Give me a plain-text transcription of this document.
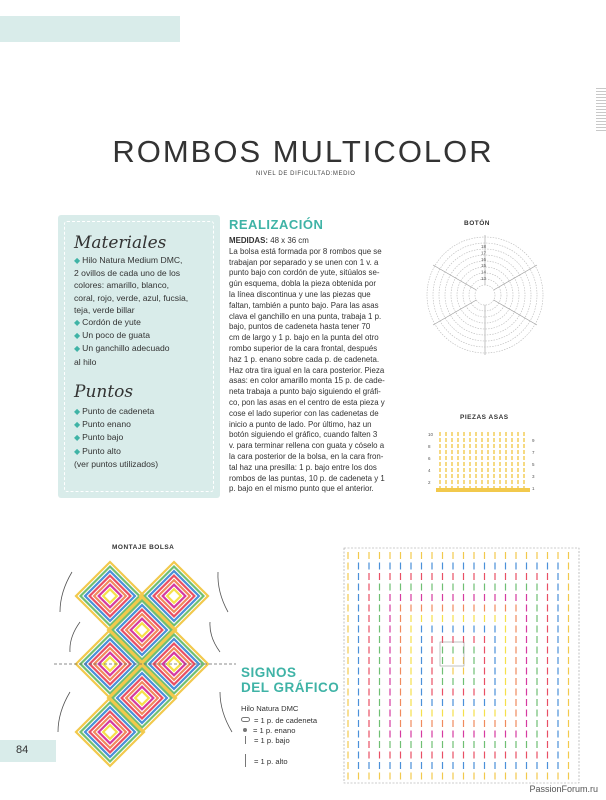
ROMBOS MULTICOLOR
NIVEL DE DIFICULTAD:MEDIO
Materiales
◆ Hilo Natura Medium DMC,
2 ovillos de cada uno de los
colores: amarillo, blanco,
coral, rojo, verde, azul, fucsia,
teja, verde billar
◆ Cordón de yute
◆ Un poco de guata
◆ Un ganchillo adecuado
al hilo
Puntos
◆ Punto de cadeneta
◆ Punto enano
◆ Punto bajo
◆ Punto alto
(ver puntos utilizados)
REALIZACIÓN

MEDIDAS: 48 x 36 cm

La bolsa está formada por 8 rombos que se

trabajan por separado y se unen con 1 v. a

punto bajo con cordón de yute, sitúalos se-

gún esquema, dobla la pieza obtenida por

la línea discontinua y une las piezas que

faltan, también a punto bajo. Para las asas

clava el ganchillo en una punta, trabaja 1 p.

bajo, puntos de cadeneta hasta tener 70

cm de largo y 1 p. bajo en la punta del otro

rombo superior de la cara frontal, después

haz 1 p. enano sobre cada p. de cadeneta.

Haz otra tira igual en la cara posterior. Pieza

asas: en color amarillo monta 15 p. de cade-

neta trabaja a punto bajo siguiendo el gráfi-

co, pon las asas en el centro de esta pieza y

cose el lado superior con las cadenetas de

inicio a punto de lado. Por último, haz un

botón siguiendo el gráfico, cuando falten 3

v. para terminar rellena con guata y cóselo a

la cara posterior de la bolsa, en la cara fron-

tal haz una presilla: 1 p. bajo entre los dos

rombos de las puntas, 10 p. de cadeneta y 1

p. bajo en el mismo punto que el anterior.

BOTÓN
18
17
16
15
14
13
PIEZAS ASAS
10
8
6
4
2
9
7
5
3
1
MONTAJE BOLSA
SIGNOS
DEL GRÁFICO
Hilo Natura DMC
= 1 p. de cadeneta
= 1 p. enano
= 1 p. bajo
= 1 p. alto
84
PassionForum.ru
